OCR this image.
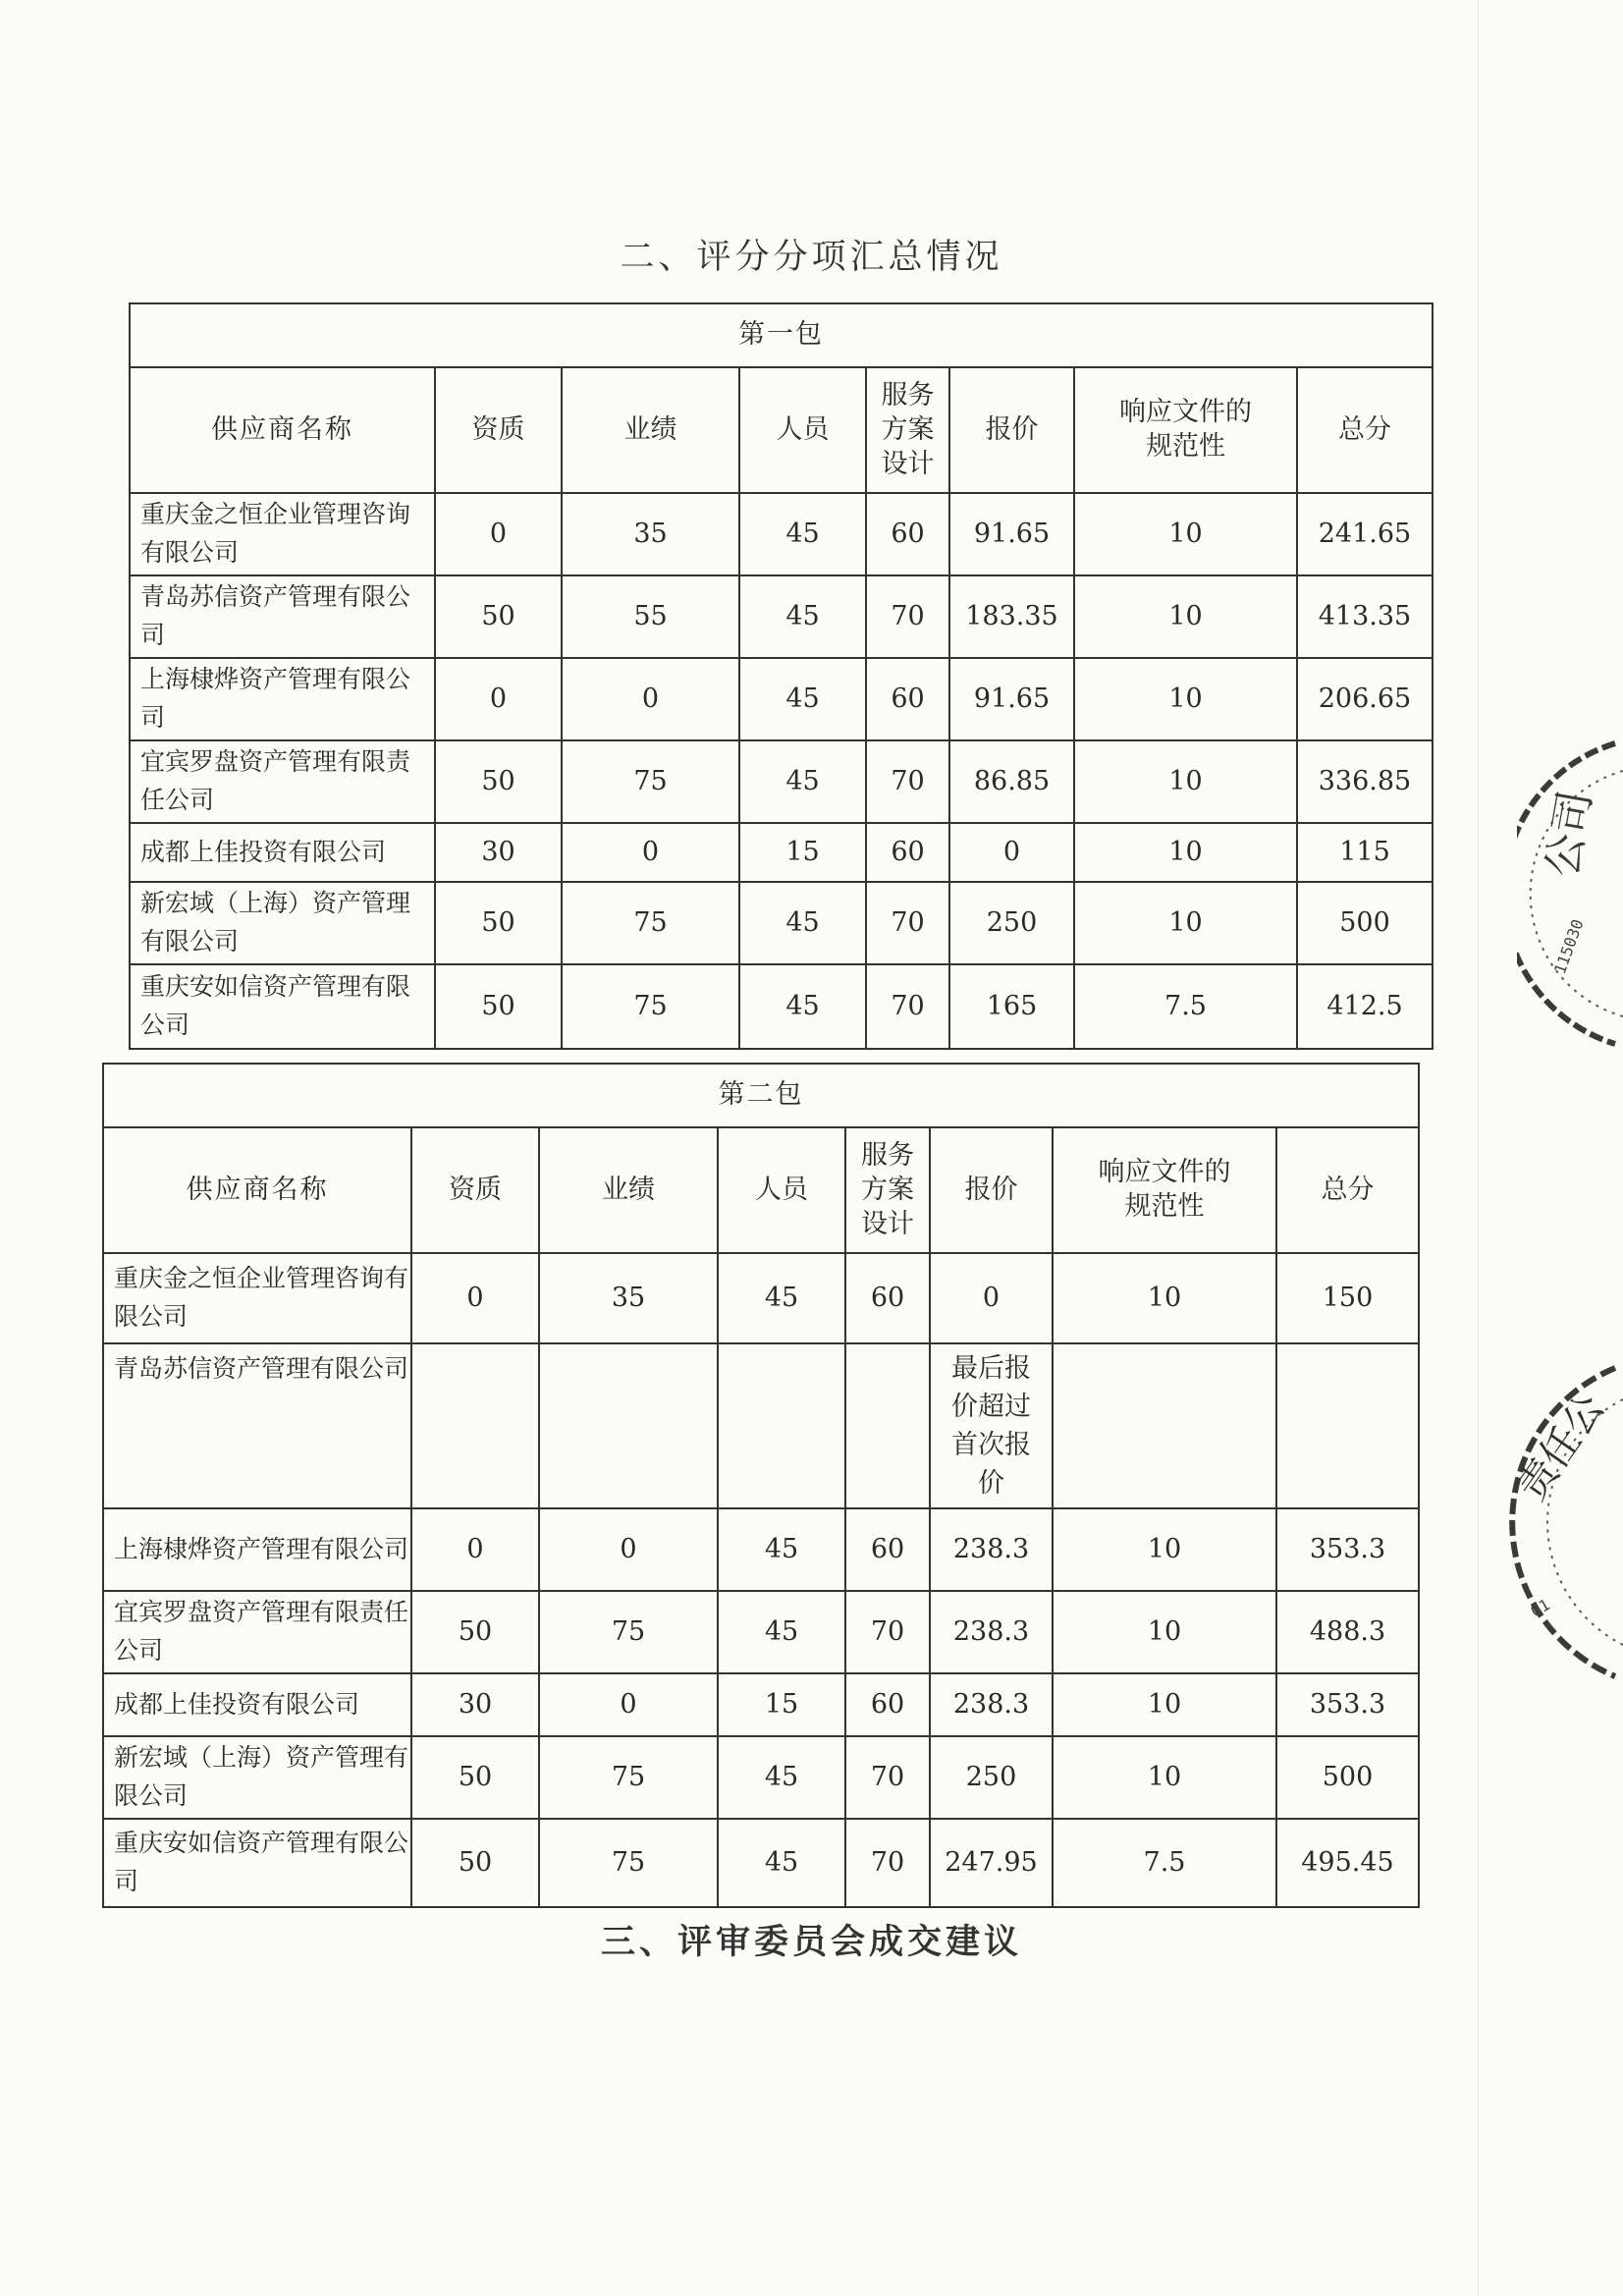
二、评分分项汇总情况
第一包							
供应商名称	资质	业绩	人员	服务方案设计	报价	响应文件的规范性	总分
重庆金之恒企业管理咨询有限公司	0	35	45	60	91.65	10	241.65
青岛苏信资产管理有限公司	50	55	45	70	183.35	10	413.35
上海棣烨资产管理有限公司	0	0	45	60	91.65	10	206.65
宜宾罗盘资产管理有限责任公司	50	75	45	70	86.85	10	336.85
成都上佳投资有限公司	30	0	15	60	0	10	115
新宏域（上海）资产管理有限公司	50	75	45	70	250	10	500
重庆安如信资产管理有限公司	50	75	45	70	165	7.5	412.5
第二包							
供应商名称	资质	业绩	人员	服务方案设计	报价	响应文件的规范性	总分
重庆金之恒企业管理咨询有限公司	0	35	45	60	0	10	150
青岛苏信资产管理有限公司					最后报价超过首次报价		
上海棣烨资产管理有限公司	0	0	45	60	238.3	10	353.3
宜宾罗盘资产管理有限责任公司	50	75	45	70	238.3	10	488.3
成都上佳投资有限公司	30	0	15	60	238.3	10	353.3
新宏域（上海）资产管理有限公司	50	75	45	70	250	10	500
重庆安如信资产管理有限公司	50	75	45	70	247.95	7.5	495.45
三、评审委员会成交建议
公司
115030
责任公
01
